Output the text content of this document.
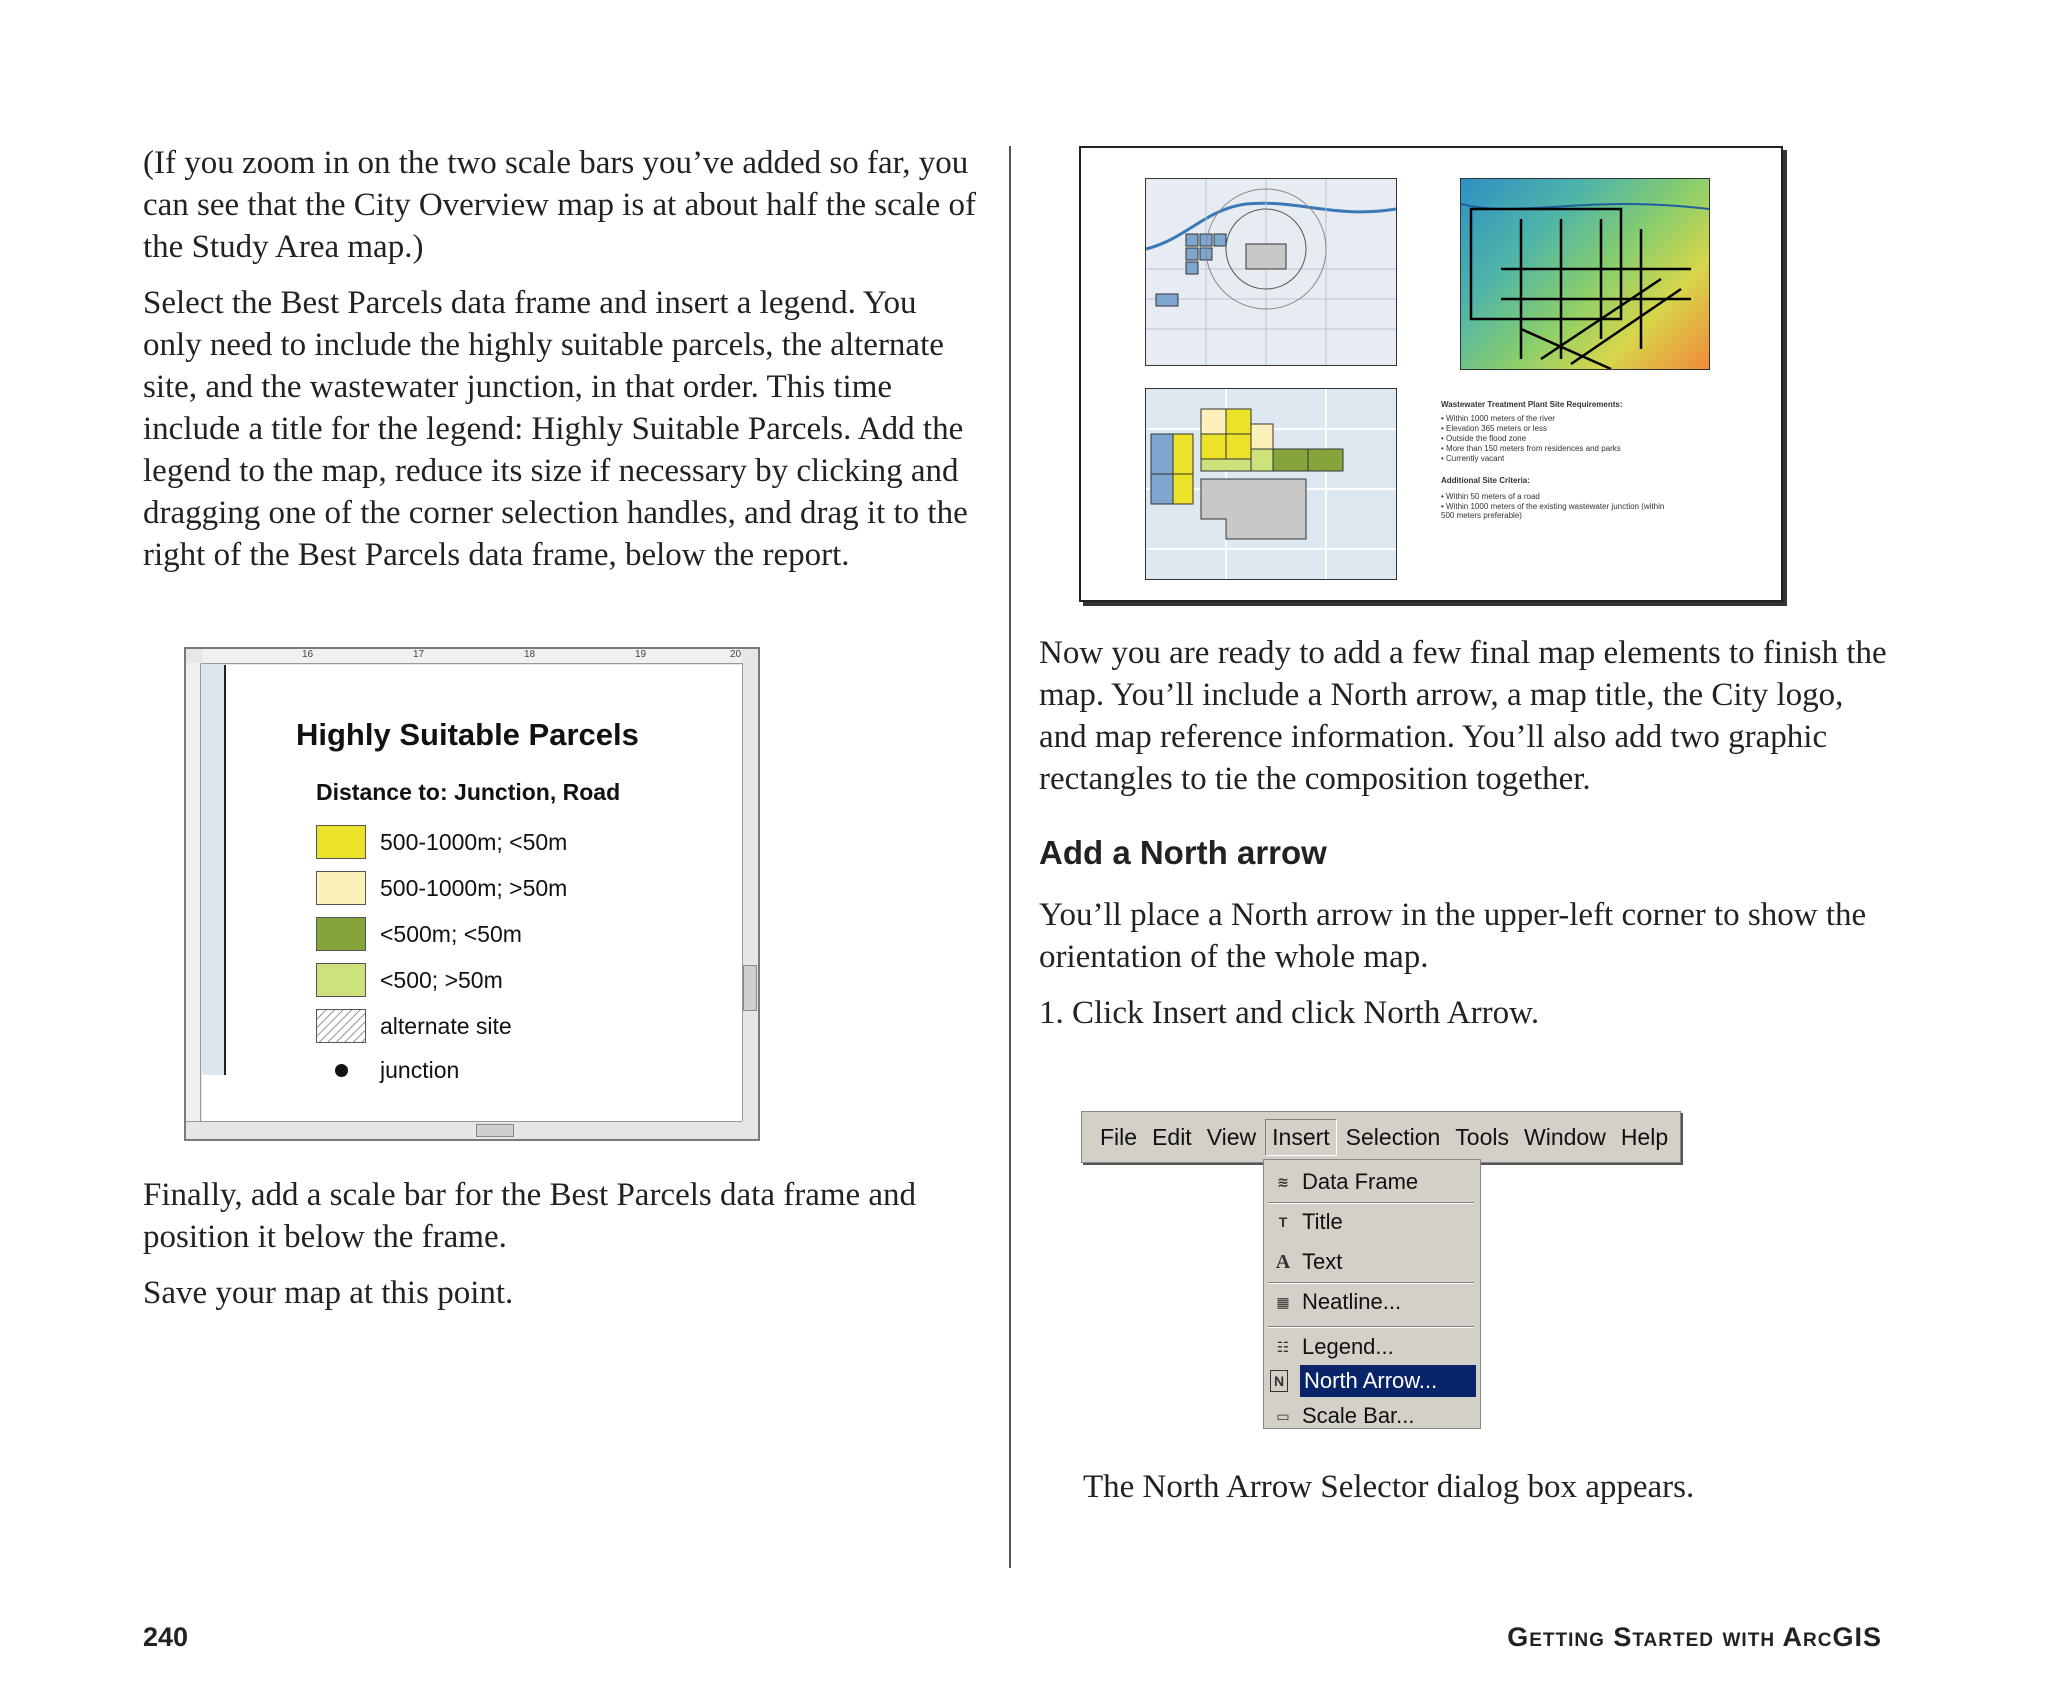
(If you zoom in on the two scale bars you’ve added so far, you can see that the City Overview map is at about half the scale of the Study Area map.)

Select the Best Parcels data frame and insert a legend. You only need to include the highly suitable parcels, the alternate site, and the wastewater junction, in that order. This time include a title for the legend: Highly Suitable Parcels. Add the legend to the map, reduce its size if necessary by clicking and dragging one of the corner selection handles, and drag it to the right of the Best Parcels data frame, below the report.

16	17	18	19	20
Highly Suitable Parcels
Distance to: Junction, Road
500-1000m; <50m
500-1000m; >50m
<500m; <50m
<500; >50m
alternate site
junction

Finally, add a scale bar for the Best Parcels data frame and position it below the frame.

Save your map at this point.

Wastewater Treatment Plant Site Requirements:
• Within 1000 meters of the river
• Elevation 365 meters or less
• Outside the flood zone
• More than 150 meters from residences and parks
• Currently vacant
Additional Site Criteria:
• Within 50 meters of a road
• Within 1000 meters of the existing wastewater junction (within 500 meters preferable)

Now you are ready to add a few final map elements to finish the map. You’ll include a North arrow, a map title, the City logo, and map reference information. You’ll also add two graphic rectangles to tie the composition together.

Add a North arrow

You’ll place a North arrow in the upper-left corner to show the orientation of the whole map.

1. Click Insert and click North Arrow.

File Edit View Insert Selection Tools Window Help
≋ Data Frame
T Title
A Text
▦ Neatline...
☷ Legend...
N North Arrow...
▭ Scale Bar...

The North Arrow Selector dialog box appears.

240	Getting Started with ArcGIS
